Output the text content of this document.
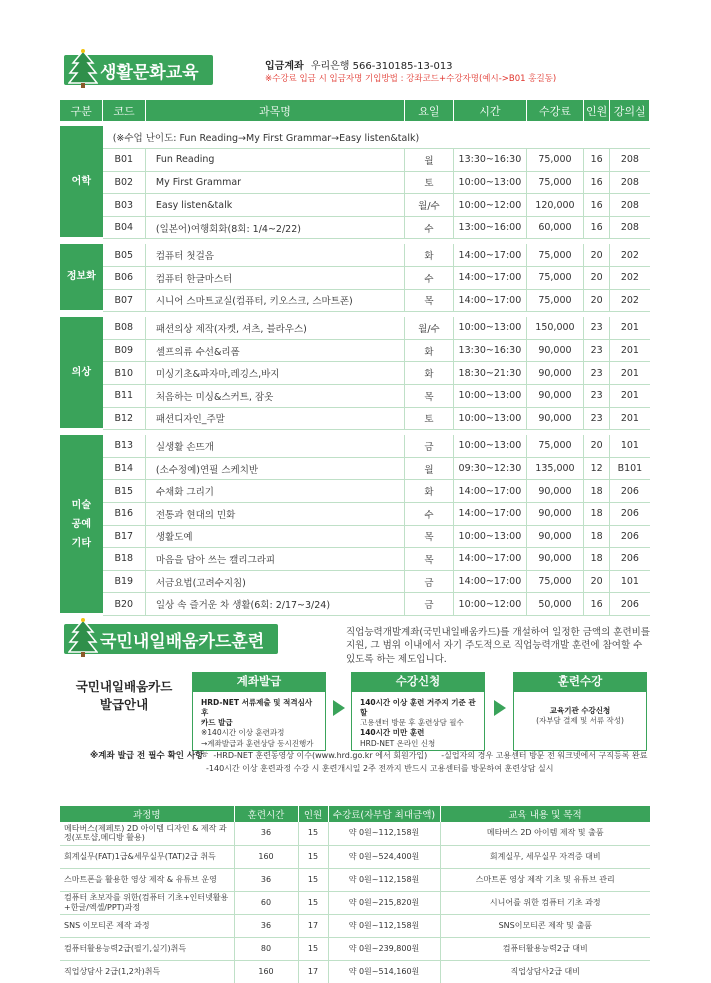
생활문화교육	입금계좌 우리은행 566-310185-13-013
※수강료 입금 시 입금자명 기입방법 : 강좌코드+수강자명(예시->B01 홍길동)
구분	코드	과목명	요일	시간	수강료	인원	강의실

어학	(※수업 난이도: Fun Reading→My First Grammar→Easy listen&talk)						
	B01	Fun Reading	월	13:30~16:30	75,000	16	208
	B02	My First Grammar	토	10:00~13:00	75,000	16	208
	B03	Easy listen&talk	월/수	10:00~12:00	120,000	16	208
	B04	(일본어)여행회화(8회: 1/4~2/22)	수	13:00~16:00	60,000	16	208

정보화	B05	컴퓨터 첫걸음	화	14:00~17:00	75,000	20	202
	B06	컴퓨터 한글마스터	수	14:00~17:00	75,000	20	202
	B07	시니어 스마트교실(컴퓨터, 키오스크, 스마트폰)	목	14:00~17:00	75,000	20	202

의상	B08	패션의상 제작(자켓, 셔츠, 블라우스)	월/수	10:00~13:00	150,000	23	201
	B09	셀프의류 수선&리폼	화	13:30~16:30	90,000	23	201
	B10	미싱기초&파자마,레깅스,바지	화	18:30~21:30	90,000	23	201
	B11	처음하는 미싱&스커트, 잠옷	목	10:00~13:00	90,000	23	201
	B12	패션디자인_주말	토	10:00~13:00	90,000	23	201

미술
공예
기타	B13	실생활 손뜨개	금	10:00~13:00	75,000	20	101
	B14	(소수정예)연필 스케치반	월	09:30~12:30	135,000	12	B101
	B15	수채화 그리기	화	14:00~17:00	90,000	18	206
	B16	전통과 현대의 민화	수	14:00~17:00	90,000	18	206
	B17	생활도예	목	10:00~13:00	90,000	18	206
	B18	마음을 담아 쓰는 캘리그라피	목	14:00~17:00	90,000	18	206
	B19	서금요법(고려수지침)	금	14:00~17:00	75,000	20	101
	B20	일상 속 즐거운 차 생활(6회: 2/17~3/24)	금	10:00~12:00	50,000	16	206
국민내일배움카드훈련	직업능력개발계좌(국민내일배움카드)를 개설하여 일정한 금액의 훈련비를 지원, 그 범위 이내에서 자기 주도적으로 직업능력개발 훈련에 참여할 수 있도록 하는 제도입니다.
국민내일배움카드
발급안내
계좌발급
HRD-NET 서류제출 및 적격심사 후
카드 발급
※140시간 이상 훈련과정
→계좌발급과 훈련상담 동시진행가능
수강신청
140시간 이상 훈련 거주지 기준 관할
고용센터 방문 후 훈련상담 필수
140시간 미만 훈련
HRD-NET 온라인 신청
훈련수강
교육기관 수강신청
(자부담 결제 및 서류 작성)
※계좌 발급 전 필수 확인 사항 -HRD-NET 훈련동영상 이수(www.hrd.go.kr 에서 회원가입) -실업자의 경우 고용센터 방문 전 워크넷에서 구직등록 완료
-140시간 이상 훈련과정 수강 시 훈련개시일 2주 전까지 반드시 고용센터를 방문하여 훈련상담 실시
과정명	훈련시간	인원	수강료(자부담 최대금액)	교육 내용 및 목적
메타버스(제페토) 2D 아이템 디자인 & 제작 과정(포토샵,메디방 활용)	36	15	약 0원~112,158원	메타버스 2D 아이템 제작 및 출품
회계실무(FAT)1급&세무실무(TAT)2급 취득	160	15	약 0원~524,400원	회계실무, 세무실무 자격증 대비
스마트폰을 활용한 영상 제작 & 유튜브 운영	36	15	약 0원~112,158원	스마트폰 영상 제작 기초 및 유튜브 관리
컴퓨터 초보자를 위한(컴퓨터 기초+인터넷활용+한글/엑셀/PPT)과정	60	15	약 0원~215,820원	시니어를 위한 컴퓨터 기초 과정
SNS 이모티콘 제작 과정	36	17	약 0원~112,158원	SNS이모티콘 제작 및 출품
컴퓨터활용능력2급(필기,실기)취득	80	15	약 0원~239,800원	컴퓨터활용능력2급 대비
직업상담사 2급(1,2차)취득	160	17	약 0원~514,160원	직업상담사2급 대비
